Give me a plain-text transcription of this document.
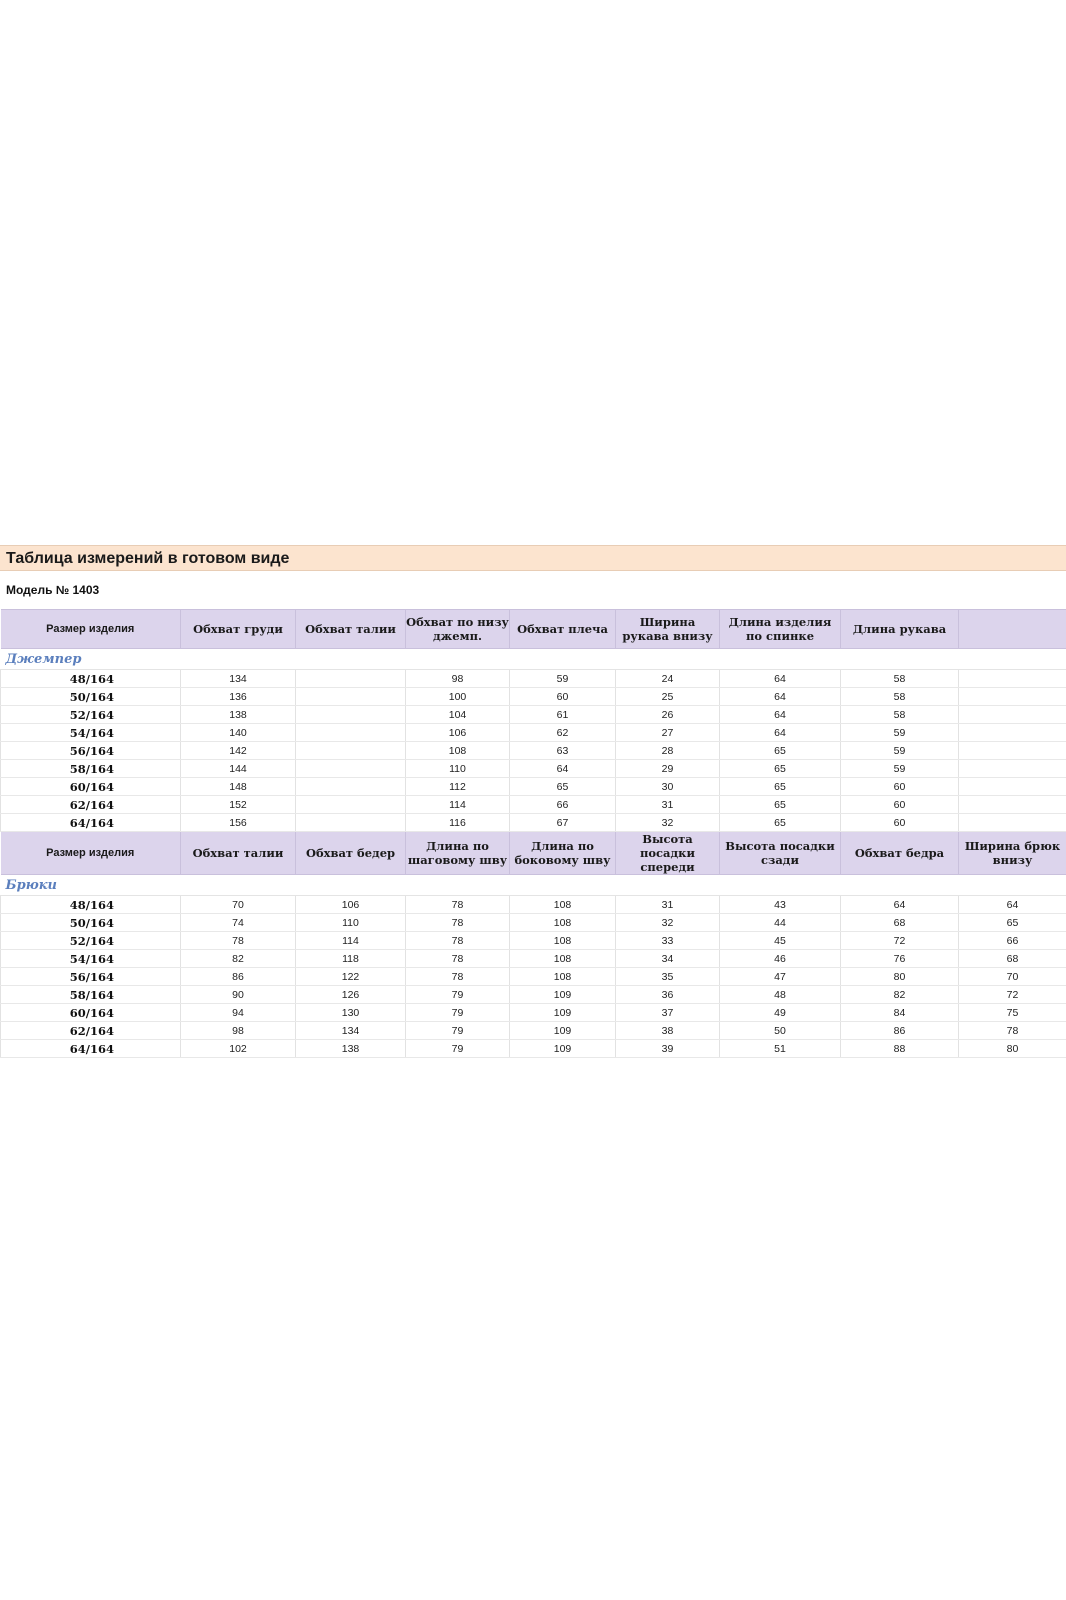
Таблица измерений в готовом виде
Модель № 1403
Размер изделия	Обхват груди	Обхват талии	Обхват по низу джемп.	Обхват плеча	Ширина рукава внизу	Длина изделия по спинке	Длина рукава	
Джемпер								
48/164	134		98	59	24	64	58	
50/164	136		100	60	25	64	58	
52/164	138		104	61	26	64	58	
54/164	140		106	62	27	64	59	
56/164	142		108	63	28	65	59	
58/164	144		110	64	29	65	59	
60/164	148		112	65	30	65	60	
62/164	152		114	66	31	65	60	
64/164	156		116	67	32	65	60	
Размер изделия	Обхват талии	Обхват бедер	Длина по шаговому шву	Длина по боковому шву	Высота посадки спереди	Высота посадки сзади	Обхват бедра	Ширина брюк внизу
Брюки								
48/164	70	106	78	108	31	43	64	64
50/164	74	110	78	108	32	44	68	65
52/164	78	114	78	108	33	45	72	66
54/164	82	118	78	108	34	46	76	68
56/164	86	122	78	108	35	47	80	70
58/164	90	126	79	109	36	48	82	72
60/164	94	130	79	109	37	49	84	75
62/164	98	134	79	109	38	50	86	78
64/164	102	138	79	109	39	51	88	80
